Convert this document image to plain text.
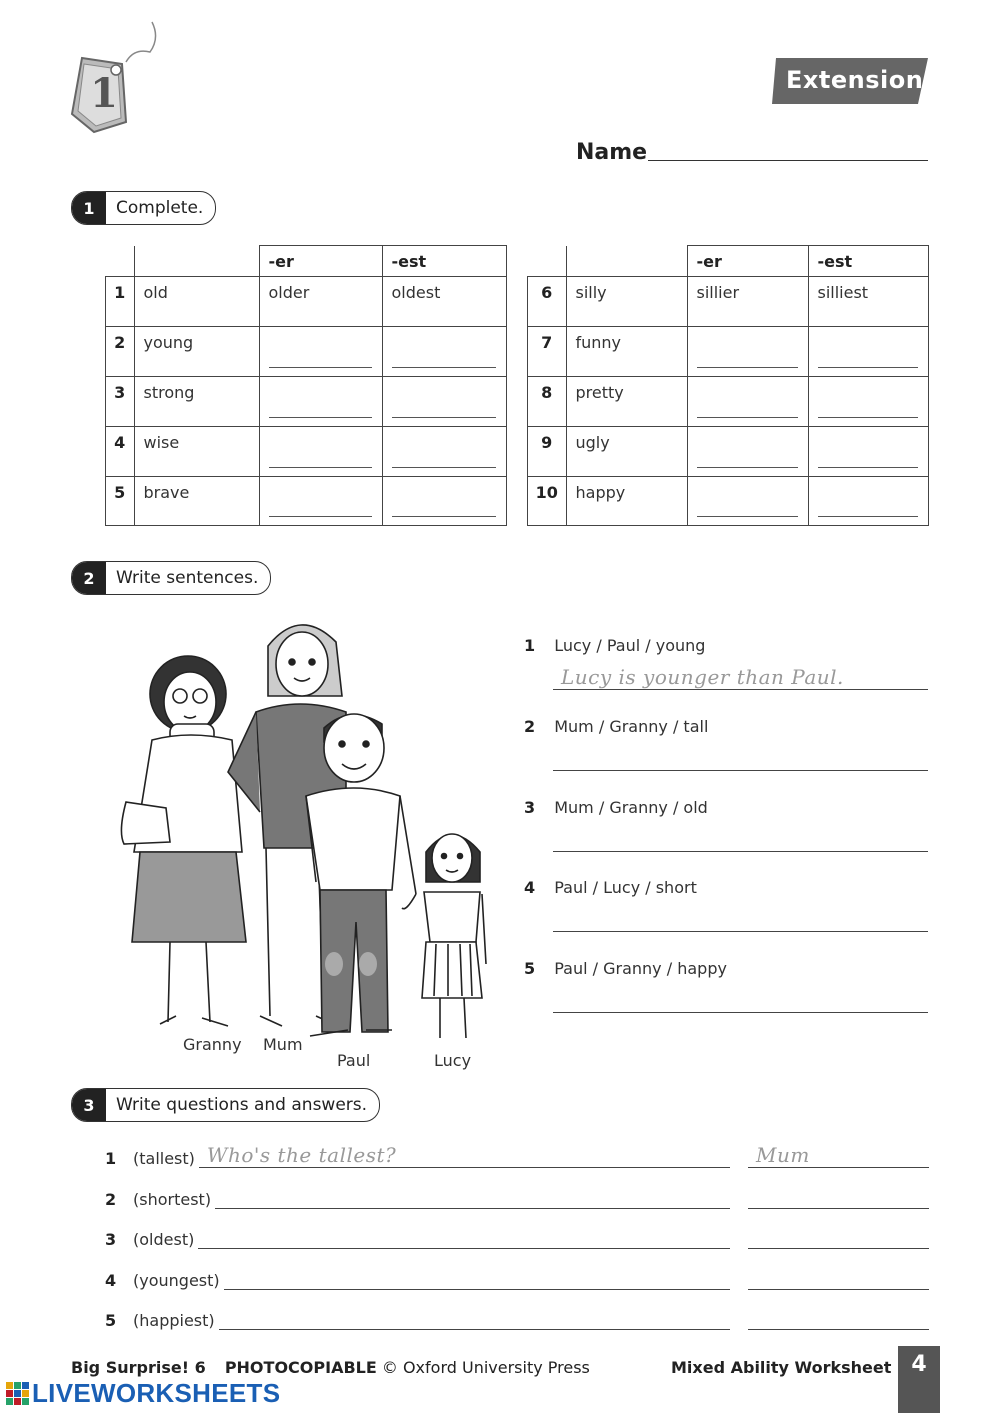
1	Extension
Name
1	Complete.

		-er	-est

1	old	older	oldest

2	young		

3	strong		

4	wise		

5	brave		

		-er	-est

6	silly	sillier	silliest

7	funny		

8	pretty		

9	ugly		

10	happy		

2	Write sentences.
Granny Mum
Paul	Lucy
1 Lucy / Paul / young
Lucy is younger than Paul.
2 Mum / Granny / tall
3 Mum / Granny / old
4 Paul / Lucy / short
5 Paul / Granny / happy
3	Write questions and answers.
1	(tallest) Who's the tallest?	Mum
2	(shortest)
3	(oldest)
4	(youngest)
5	(happiest)
Big Surprise! 6 PHOTOCOPIABLE © Oxford University Press	Mixed Ability Worksheet 4
LIVEWORKSHEETS
